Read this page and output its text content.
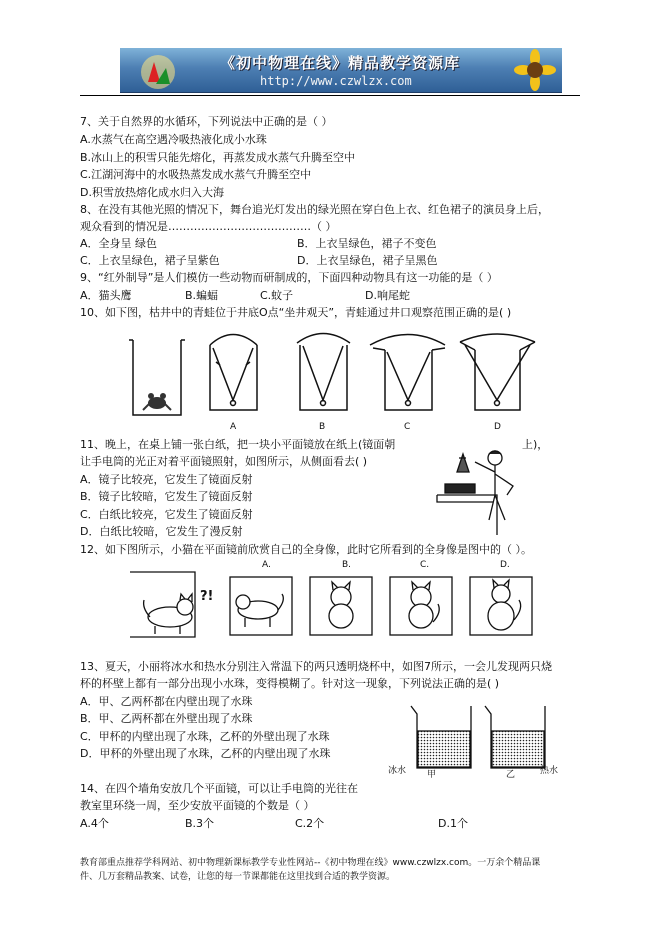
《初中物理在线》精品教学资源库
http://www.czwlzx.com
7、关于自然界的水循环，下列说法中正确的是（ ）
A.水蒸气在高空遇冷吸热液化成小水珠
B.冰山上的积雪只能先熔化，再蒸发成水蒸气升腾至空中
C.江湖河海中的水吸热蒸发成水蒸气升腾至空中
D.积雪放热熔化成水归入大海
8、在没有其他光照的情况下，舞台追光灯发出的绿光照在穿白色上衣、红色裙子的演员身上后，
观众看到的情况是…………………………………（ ）
A．全身呈 绿色	B．上衣呈绿色，裙子不变色
C．上衣呈绿色，裙子呈紫色	D．上衣呈绿色，裙子呈黑色
9、“红外制导”是人们模仿一些动物而研制成的，下面四种动物具有这一功能的是（ ）
A．猫头鹰	B.蝙蝠	C.蚊子	D.响尾蛇
10、如下图，枯井中的青蛙位于井底O点“坐井观天”，青蛙通过井口观察范围正确的是( )
A	B	C	D
11、晚上，在桌上铺一张白纸，把一块小平面镜放在纸上(镜面朝	上)，
让手电筒的光正对着平面镜照射，如图所示，从侧面看去( )
A．镜子比较亮，它发生了镜面反射
B．镜子比较暗，它发生了镜面反射
C．白纸比较亮，它发生了镜面反射
D．白纸比较暗，它发生了漫反射
12、如下图所示，小猫在平面镜前欣赏自己的全身像，此时它所看到的全身像是图中的（ ）。
A.	B.	C.	D.
?!
13、夏天，小丽将冰水和热水分别注入常温下的两只透明烧杯中，如图7所示，一会儿发现两只烧
杯的杯壁上都有一部分出现小水珠，变得模糊了。针对这一现象，下列说法正确的是( )
A．甲、乙两杯都在内壁出现了水珠
B．甲、乙两杯都在外壁出现了水珠
C．甲杯的内壁出现了水珠，乙杯的外壁出现了水珠
D．甲杯的外壁出现了水珠，乙杯的内壁出现了水珠
冰水 甲	乙	热水
14、在四个墙角安放几个平面镜，可以让手电筒的光往在
教室里环绕一周，至少安放平面镜的个数是（ ）
A.4个	B.3个	C.2个	D.1个
教育部重点推荐学科网站、初中物理新课标教学专业性网站--《初中物理在线》www.czwlzx.com。一万余个精品课
件、几万套精品教案、试卷，让您的每一节课都能在这里找到合适的教学资源。
